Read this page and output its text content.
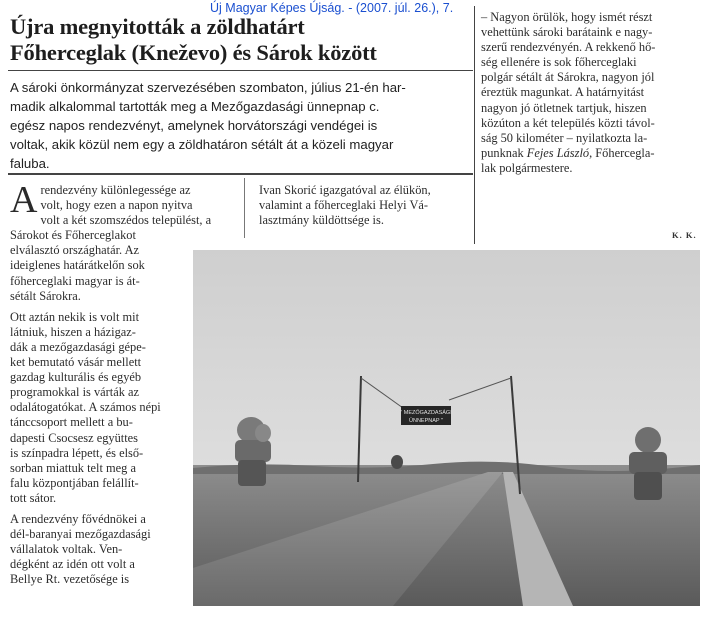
Új Magyar Képes Újság. - (2007. júl. 26.), 7.
Újra megnyitották a zöldhatárt
Főherceglak (Kneževo) és Sárok között
A sároki önkormányzat szervezésében szombaton, július 21-én har-
madik alkalommal tartották meg a Mezőgazdasági ünnepnap c.
egész napos rendezvényt, amelynek horvátországi vendégei is
voltak, akik közül nem egy a zöldhatáron sétált át a közeli magyar
faluba.
A rendezvény különlegessége az
volt, hogy ezen a napon nyitva
volt a két szomszédos települést, a
Sárokot és Főherceglakot
elválasztó országhatár. Az
ideiglenes határátkelőn sok
főherceglaki magyar is át-
sétált Sárokra.
Ott aztán nekik is volt mit
látniuk, hiszen a házigaz-
dák a mezőgazdasági gépe-
ket bemutató vásár mellett
gazdag kulturális és egyéb
programokkal is várták az
odalátogatókat. A számos népi
tánccsoport mellett a bu-
dapesti Csocsesz együttes
is színpadra lépett, és első-
sorban miattuk telt meg a
falu központjában felállít-
tott sátor.
A rendezvény fővédnökei a
dél-baranyai mezőgazdasági
vállalatok voltak. Ven-
dégként az idén ott volt a
Bellye Rt. vezetősége is
Ivan Skorić igazgatóval az élükön,
valamint a főherceglaki Helyi Vá-
lasztmány küldöttsége is.
– Nagyon örülök, hogy ismét részt
vehettünk sároki barátaink e nagy-
szerű rendezvényén. A rekkenő hő-
ség ellenére is sok főherceglaki
polgár sétált át Sárokra, nagyon jól
éreztük magunkat. A határnyitást
nagyon jó ötletnek tartjuk, hiszen
közúton a két település közti távol-
ság 50 kilométer – nyilatkozta la-
punknak Fejes László, Főhercegla-
lak polgármestere.
K. K.
" MEZŐGAZDASÁGI
ÜNNEPNAP "
